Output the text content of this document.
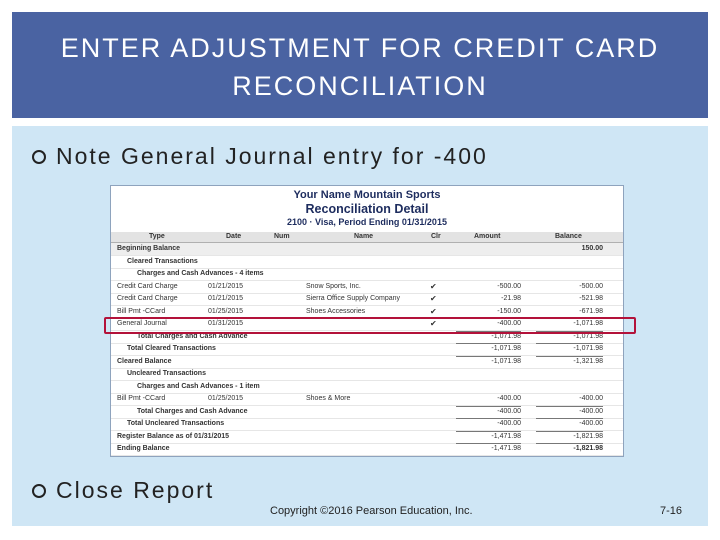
ENTER ADJUSTMENT FOR CREDIT CARD
RECONCILIATION
Note General Journal entry for -400
Your Name Mountain Sports
Reconciliation Detail
2100 · Visa, Period Ending 01/31/2015
Type	Date	Num	Name	Clr	Amount	Balance
Beginning Balance	150.00
Cleared Transactions
Charges and Cash Advances - 4 items
Credit Card Charge	01/21/2015	Snow Sports, Inc.	✔	-500.00	-500.00
Credit Card Charge	01/21/2015	Sierra Office Supply Company	✔	-21.98	-521.98
Bill Pmt -CCard	01/25/2015	Shoes Accessories	✔	-150.00	-671.98
General Journal	01/31/2015	✔	-400.00	-1,071.98
Total Charges and Cash Advance	-1,071.98	-1,071.98
Total Cleared Transactions	-1,071.98	-1,071.98
Cleared Balance	-1,071.98	-1,321.98
Uncleared Transactions
Charges and Cash Advances - 1 item
Bill Pmt -CCard	01/25/2015	Shoes & More	-400.00	-400.00
Total Charges and Cash Advance	-400.00	-400.00
Total Uncleared Transactions	-400.00	-400.00
Register Balance as of 01/31/2015	-1,471.98	-1,821.98
Ending Balance	-1,471.98	-1,821.98
Close Report
Copyright ©2016 Pearson Education, Inc.	7-16
